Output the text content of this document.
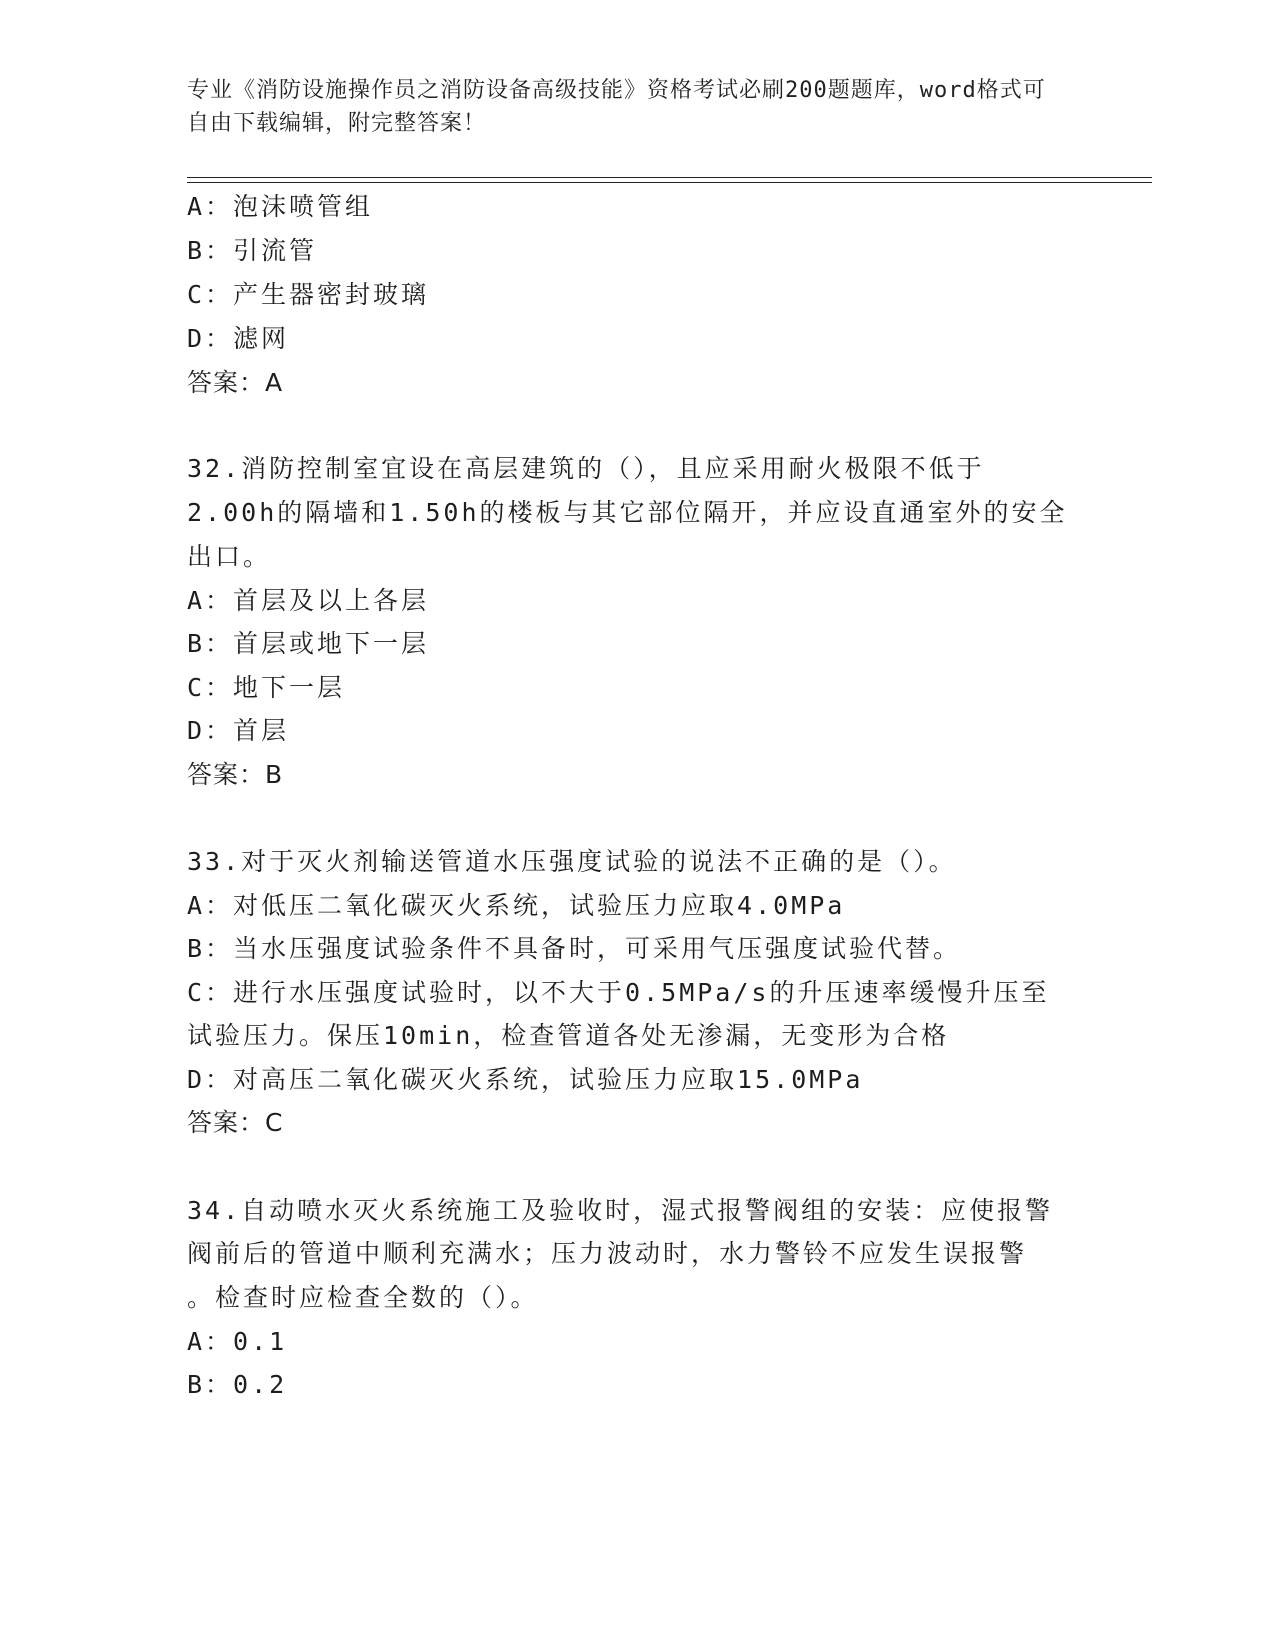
专业《消防设施操作员之消防设备高级技能》资格考试必刷200题题库，word格式可自由下载编辑，附完整答案！
A：泡沫喷管组
B：引流管
C：产生器密封玻璃
D：滤网
答案：A
32.消防控制室宜设在高层建筑的（），且应采用耐火极限不低于
2.00h的隔墙和1.50h的楼板与其它部位隔开，并应设直通室外的安全
出口。
A：首层及以上各层
B：首层或地下一层
C：地下一层
D：首层
答案：B
33.对于灭火剂输送管道水压强度试验的说法不正确的是（）。
A：对低压二氧化碳灭火系统，试验压力应取4.0MPa
B：当水压强度试验条件不具备时，可采用气压强度试验代替。
C：进行水压强度试验时，以不大于0.5MPa/s的升压速率缓慢升压至
试验压力。保压10min，检查管道各处无渗漏，无变形为合格
D：对高压二氧化碳灭火系统，试验压力应取15.0MPa
答案：C
34.自动喷水灭火系统施工及验收时，湿式报警阀组的安装：应使报警
阀前后的管道中顺利充满水；压力波动时，水力警铃不应发生误报警
。检查时应检查全数的（）。
A：0.1
B：0.2
